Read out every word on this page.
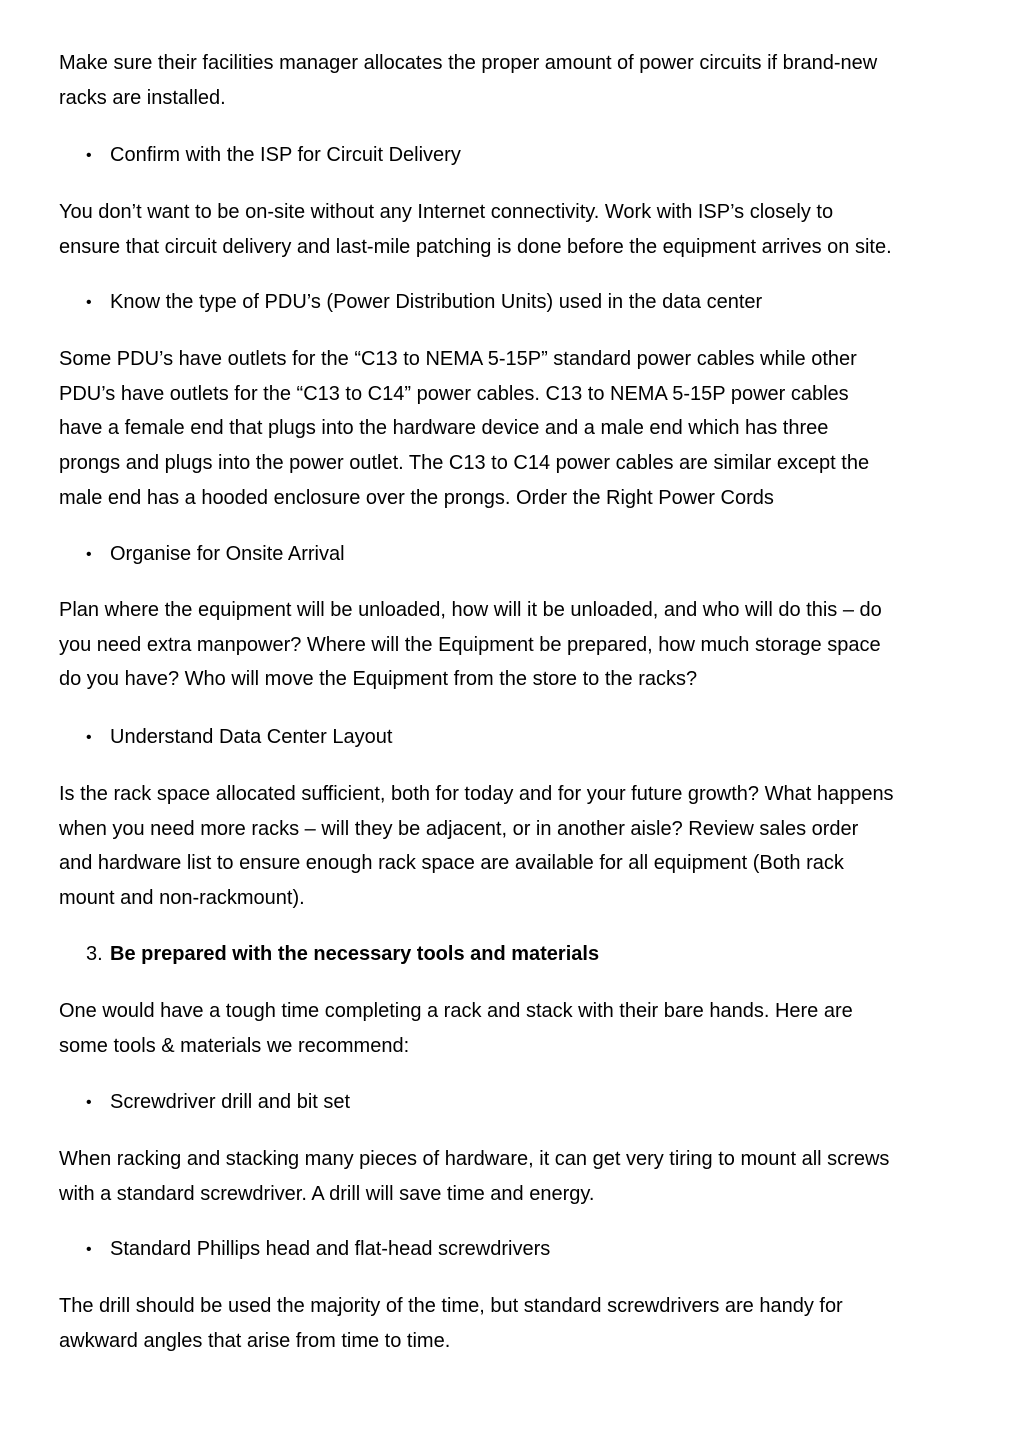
Make sure their facilities manager allocates the proper amount of power circuits if brand-new
racks are installed.
• Confirm with the ISP for Circuit Delivery
You don’t want to be on-site without any Internet connectivity. Work with ISP’s closely to
ensure that circuit delivery and last-mile patching is done before the equipment arrives on site.
• Know the type of PDU’s (Power Distribution Units) used in the data center
Some PDU’s have outlets for the “C13 to NEMA 5-15P” standard power cables while other
PDU’s have outlets for the “C13 to C14” power cables. C13 to NEMA 5-15P power cables
have a female end that plugs into the hardware device and a male end which has three
prongs and plugs into the power outlet. The C13 to C14 power cables are similar except the
male end has a hooded enclosure over the prongs. Order the Right Power Cords
• Organise for Onsite Arrival
Plan where the equipment will be unloaded, how will it be unloaded, and who will do this – do
you need extra manpower? Where will the Equipment be prepared, how much storage space
do you have? Who will move the Equipment from the store to the racks?
• Understand Data Center Layout
Is the rack space allocated sufficient, both for today and for your future growth? What happens
when you need more racks – will they be adjacent, or in another aisle? Review sales order
and hardware list to ensure enough rack space are available for all equipment (Both rack
mount and non-rackmount).
3. Be prepared with the necessary tools and materials
One would have a tough time completing a rack and stack with their bare hands. Here are
some tools & materials we recommend:
• Screwdriver drill and bit set
When racking and stacking many pieces of hardware, it can get very tiring to mount all screws
with a standard screwdriver. A drill will save time and energy.
• Standard Phillips head and flat-head screwdrivers
The drill should be used the majority of the time, but standard screwdrivers are handy for
awkward angles that arise from time to time.
